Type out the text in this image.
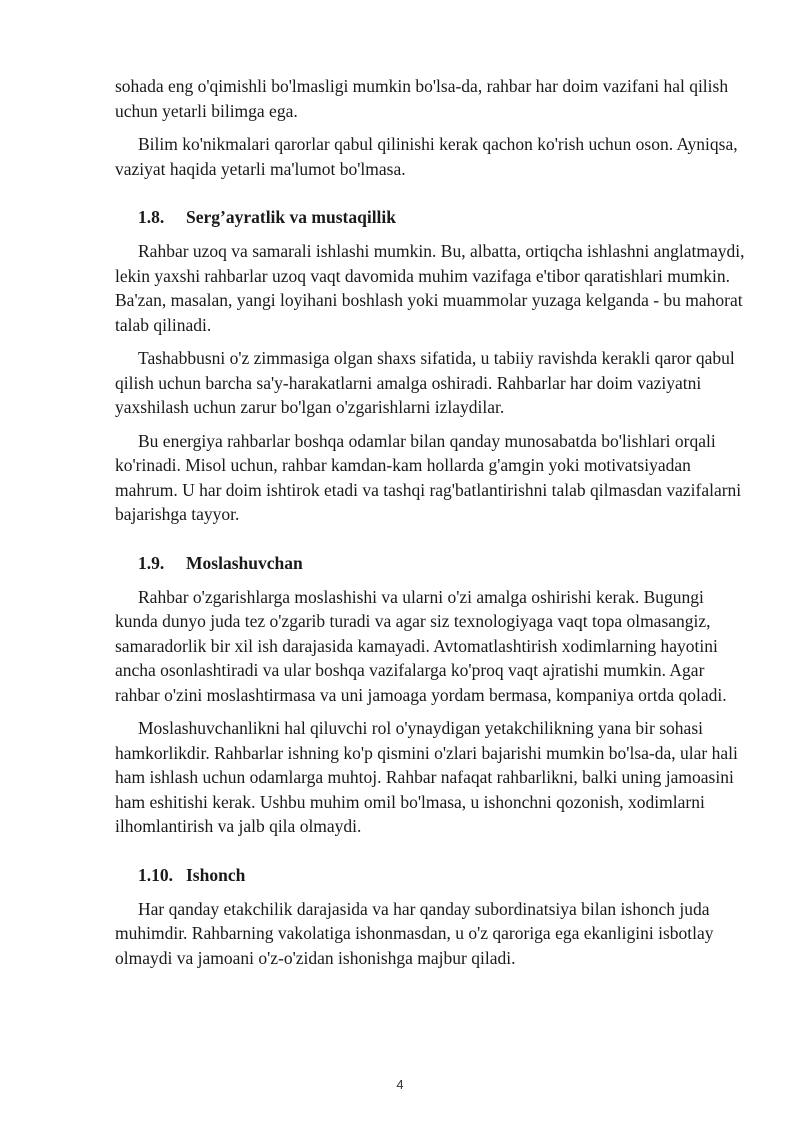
sohada eng o'qimishli bo'lmasligi mumkin bo'lsa-da, rahbar har doim vazifani hal qilish uchun yetarli bilimga ega.

Bilim ko'nikmalari qarorlar qabul qilinishi kerak qachon ko'rish uchun oson. Ayniqsa, vaziyat haqida yetarli ma'lumot bo'lmasa.

1.8.	Serg’ayratlik va mustaqillik

Rahbar uzoq va samarali ishlashi mumkin. Bu, albatta, ortiqcha ishlashni anglatmaydi, lekin yaxshi rahbarlar uzoq vaqt davomida muhim vazifaga e'tibor qaratishlari mumkin. Ba'zan, masalan, yangi loyihani boshlash yoki muammolar yuzaga kelganda - bu mahorat talab qilinadi.

Tashabbusni o'z zimmasiga olgan shaxs sifatida, u tabiiy ravishda kerakli qaror qabul qilish uchun barcha sa'y-harakatlarni amalga oshiradi. Rahbarlar har doim vaziyatni yaxshilash uchun zarur bo'lgan o'zgarishlarni izlaydilar.

Bu energiya rahbarlar boshqa odamlar bilan qanday munosabatda bo'lishlari orqali ko'rinadi. Misol uchun, rahbar kamdan-kam hollarda g'amgin yoki motivatsiyadan mahrum. U har doim ishtirok etadi va tashqi rag'batlantirishni talab qilmasdan vazifalarni bajarishga tayyor.

1.9.	Moslashuvchan

Rahbar o'zgarishlarga moslashishi va ularni o'zi amalga oshirishi kerak. Bugungi kunda dunyo juda tez o'zgarib turadi va agar siz texnologiyaga vaqt topa olmasangiz, samaradorlik bir xil ish darajasida kamayadi. Avtomatlashtirish xodimlarning hayotini ancha osonlashtiradi va ular boshqa vazifalarga ko'proq vaqt ajratishi mumkin. Agar rahbar o'zini moslashtirmasa va uni jamoaga yordam bermasa, kompaniya ortda qoladi.

Moslashuvchanlikni hal qiluvchi rol o'ynaydigan yetakchilikning yana bir sohasi hamkorlikdir. Rahbarlar ishning ko'p qismini o'zlari bajarishi mumkin bo'lsa-da, ular hali ham ishlash uchun odamlarga muhtoj. Rahbar nafaqat rahbarlikni, balki uning jamoasini ham eshitishi kerak. Ushbu muhim omil bo'lmasa, u ishonchni qozonish, xodimlarni ilhomlantirish va jalb qila olmaydi.

1.10. Ishonch

Har qanday etakchilik darajasida va har qanday subordinatsiya bilan ishonch juda muhimdir. Rahbarning vakolatiga ishonmasdan, u o'z qaroriga ega ekanligini isbotlay olmaydi va jamoani o'z-o'zidan ishonishga majbur qiladi.

4
